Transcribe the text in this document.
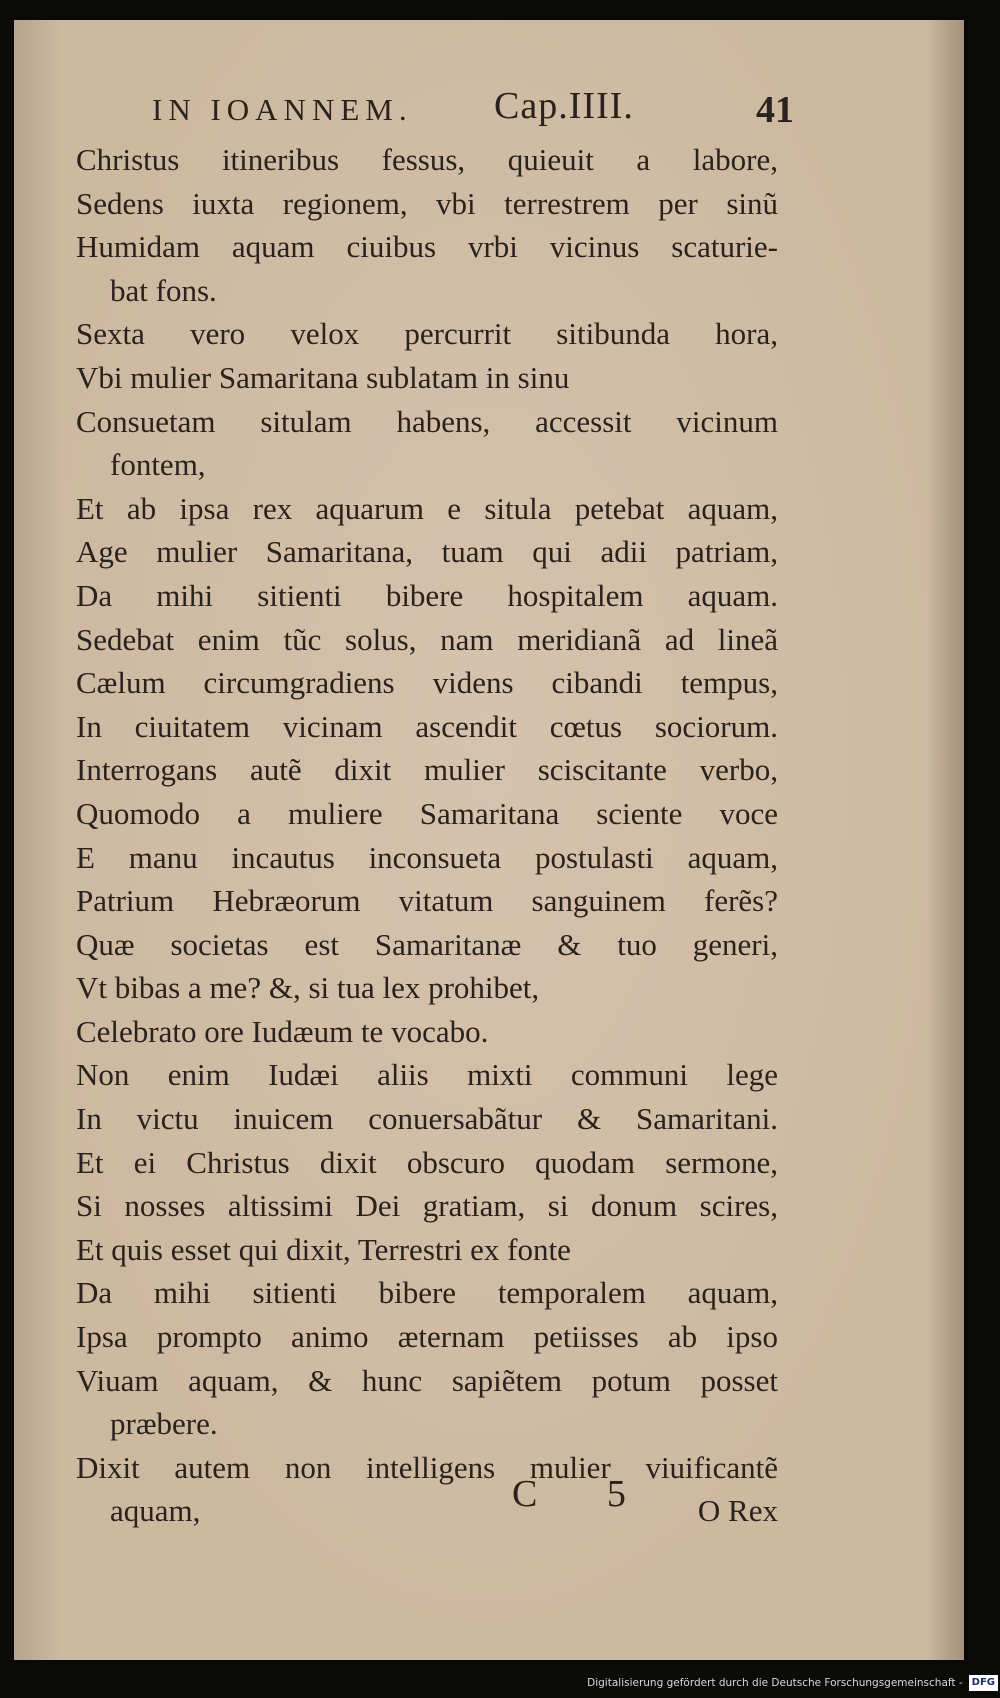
IN IOANNEM. Cap.IIII.	41
Christus itineribus fessus, quieuit a labore,
Sedens iuxta regionem, vbi terrestrem per sinũ
Humidam aquam ciuibus vrbi vicinus scaturie-
bat fons.
Sexta vero velox percurrit sitibunda hora,
Vbi mulier Samaritana sublatam in sinu
Consuetam situlam habens, accessit vicinum
fontem,
Et ab ipsa rex aquarum e situla petebat aquam,
Age mulier Samaritana, tuam qui adii patriam,
Da mihi sitienti bibere hospitalem aquam.
Sedebat enim tũc solus, nam meridianã ad lineã
Cælum circumgradiens videns cibandi tempus,
In ciuitatem vicinam ascendit cœtus sociorum.
Interrogans autẽ dixit mulier sciscitante verbo,
Quomodo a muliere Samaritana sciente voce
E manu incautus inconsueta postulasti aquam,
Patrium Hebræorum vitatum sanguinem ferẽs?
Quæ societas est Samaritanæ & tuo generi,
Vt bibas a me? &, si tua lex prohibet,
Celebrato ore Iudæum te vocabo.
Non enim Iudæi aliis mixti communi lege
In victu inuicem conuersabãtur & Samaritani.
Et ei Christus dixit obscuro quodam sermone,
Si nosses altissimi Dei gratiam, si donum scires,
Et quis esset qui dixit, Terrestri ex fonte
Da mihi sitienti bibere temporalem aquam,
Ipsa prompto animo æternam petiisses ab ipso
Viuam aquam, & hunc sapiẽtem potum posset
præbere.
Dixit autem non intelligens mulier viuificantẽ
aquam,	O Rex
C 5
Digitalisierung gefördert durch die Deutsche Forschungsgemeinschaft - DFG
